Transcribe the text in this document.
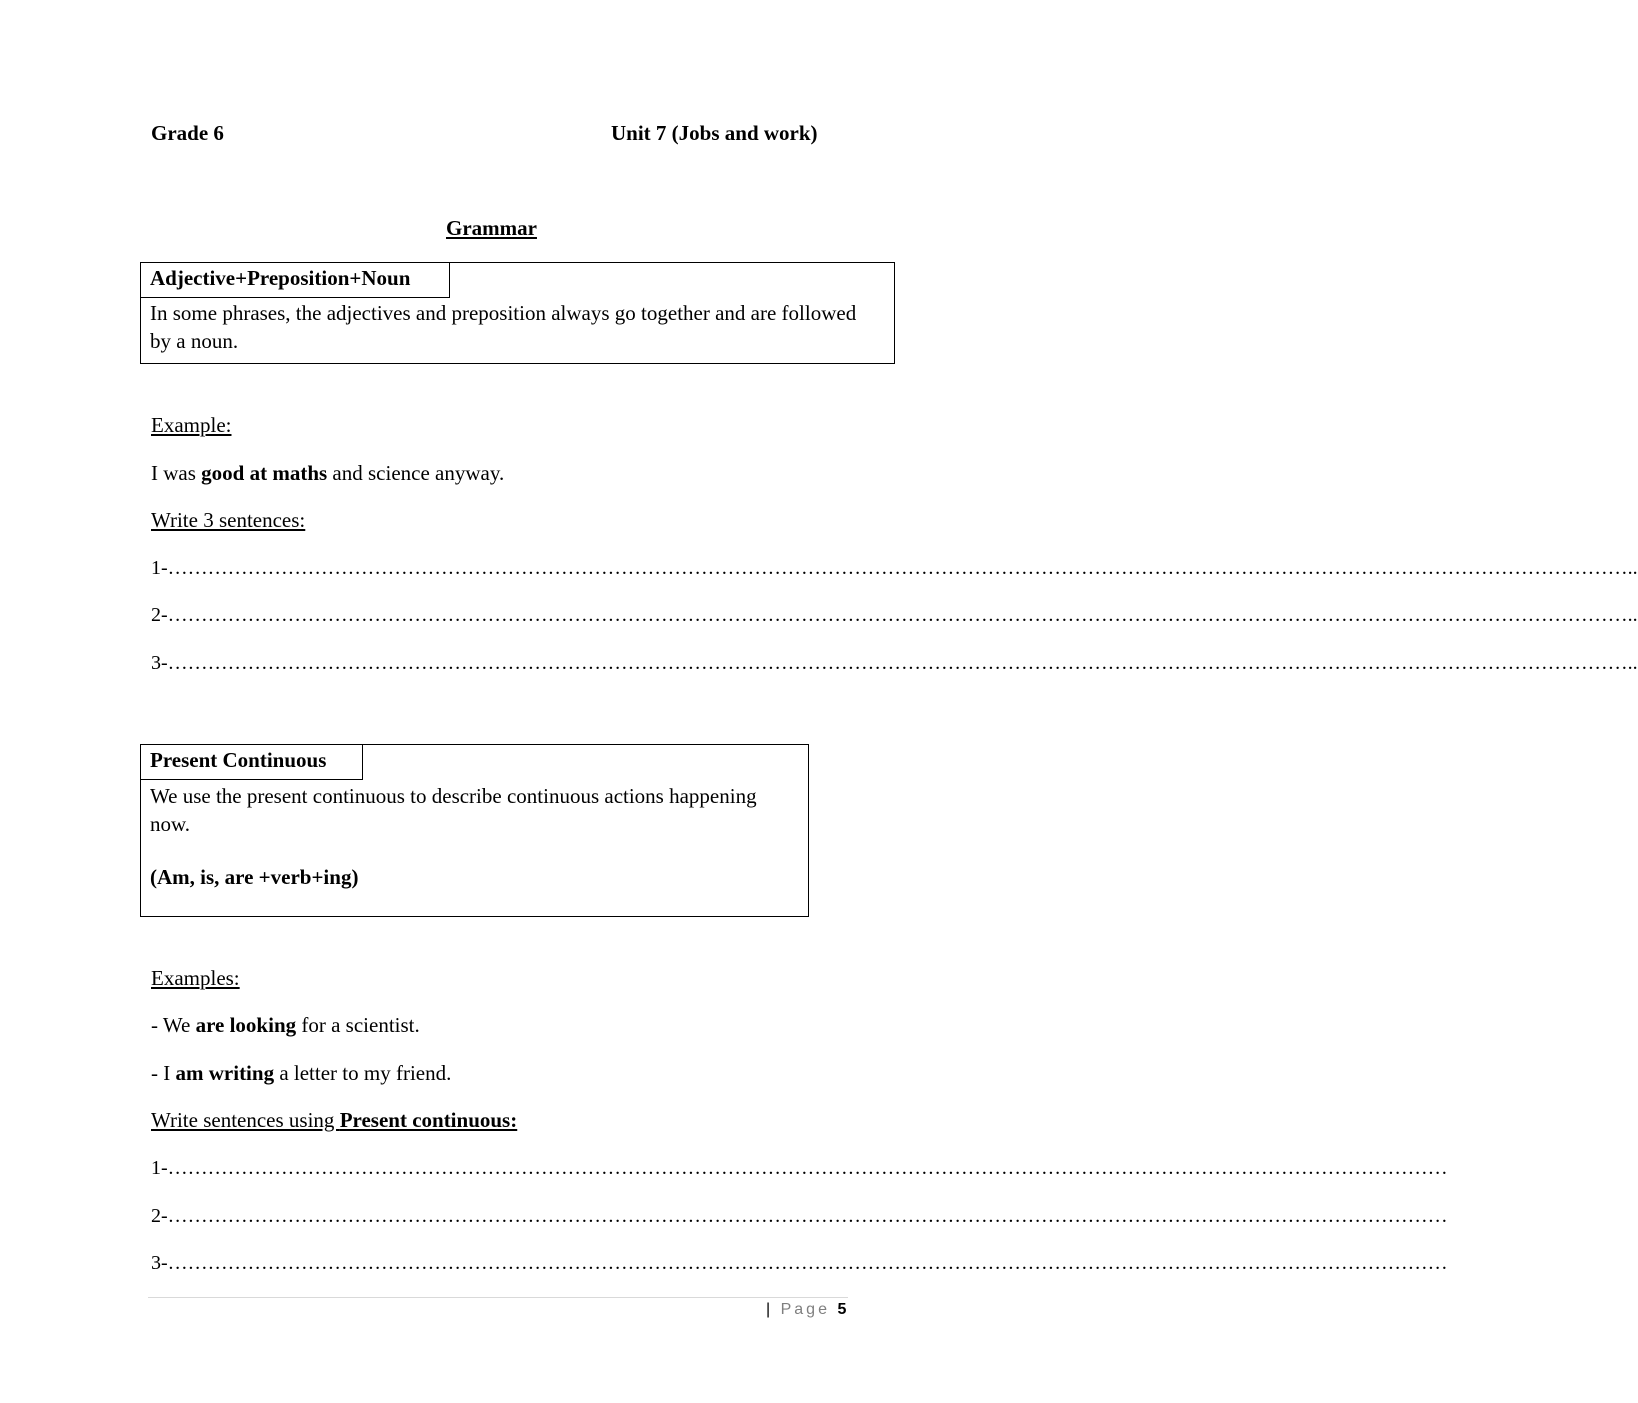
Grade 6	Unit 7 (Jobs and work)
Grammar
Adjective+Preposition+Noun
In some phrases, the adjectives and preposition always go together and are followed by a noun.
Example:
I was good at maths and science anyway.
Write 3 sentences:
1-…………………………………………………………………………………………………………………………………………………………………………………………………..
2-…………………………………………………………………………………………………………………………………………………………………………………………………..
3-…………………………………………………………………………………………………………………………………………………………………………………………………..
Present Continuous
We use the present continuous to describe continuous actions happening now.
(Am, is, are +verb+ing)
Examples:
- We are looking for a scientist.
- I am writing a letter to my friend.
Write sentences using Present continuous:
1-…………………………………………………………………………………………………………………………………………………………………………
2-…………………………………………………………………………………………………………………………………………………………………………
3-…………………………………………………………………………………………………………………………………………………………………………
| Page 5
